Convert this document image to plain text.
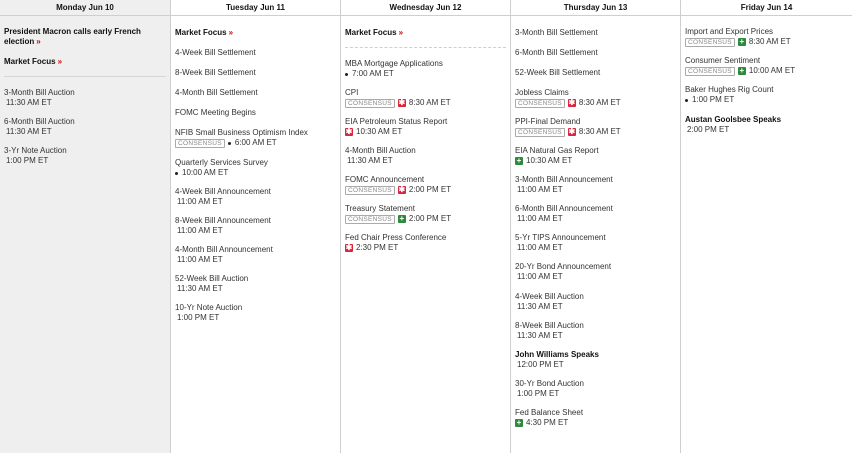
Monday Jun 10
President Macron calls early French election »
Market Focus »
3-Month Bill Auction
11:30 AM ET
6-Month Bill Auction
11:30 AM ET
3-Yr Note Auction
1:00 PM ET
Tuesday Jun 11
Market Focus »
4-Week Bill Settlement
8-Week Bill Settlement
4-Month Bill Settlement
FOMC Meeting Begins
NFIB Small Business Optimism Index
CONSENSUS	6:00 AM ET
Quarterly Services Survey
10:00 AM ET
4-Week Bill Announcement
11:00 AM ET
8-Week Bill Announcement
11:00 AM ET
4-Month Bill Announcement
11:00 AM ET
52-Week Bill Auction
11:30 AM ET
10-Yr Note Auction
1:00 PM ET
Wednesday Jun 12
Market Focus »
MBA Mortgage Applications
7:00 AM ET
CPI
CONSENSUS ✱ 8:30 AM ET
EIA Petroleum Status Report
✱ 10:30 AM ET
4-Month Bill Auction
11:30 AM ET
FOMC Announcement
CONSENSUS ✱ 2:00 PM ET
Treasury Statement
CONSENSUS + 2:00 PM ET
Fed Chair Press Conference
✱ 2:30 PM ET
Thursday Jun 13
3-Month Bill Settlement
6-Month Bill Settlement
52-Week Bill Settlement
Jobless Claims
CONSENSUS ✱ 8:30 AM ET
PPI-Final Demand
CONSENSUS ✱ 8:30 AM ET
EIA Natural Gas Report
+ 10:30 AM ET
3-Month Bill Announcement
11:00 AM ET
6-Month Bill Announcement
11:00 AM ET
5-Yr TIPS Announcement
11:00 AM ET
20-Yr Bond Announcement
11:00 AM ET
4-Week Bill Auction
11:30 AM ET
8-Week Bill Auction
11:30 AM ET
John Williams Speaks
12:00 PM ET
30-Yr Bond Auction
1:00 PM ET
Fed Balance Sheet
+ 4:30 PM ET
Friday Jun 14
Import and Export Prices
CONSENSUS + 8:30 AM ET
Consumer Sentiment
CONSENSUS + 10:00 AM ET
Baker Hughes Rig Count
1:00 PM ET
Austan Goolsbee Speaks
2:00 PM ET
